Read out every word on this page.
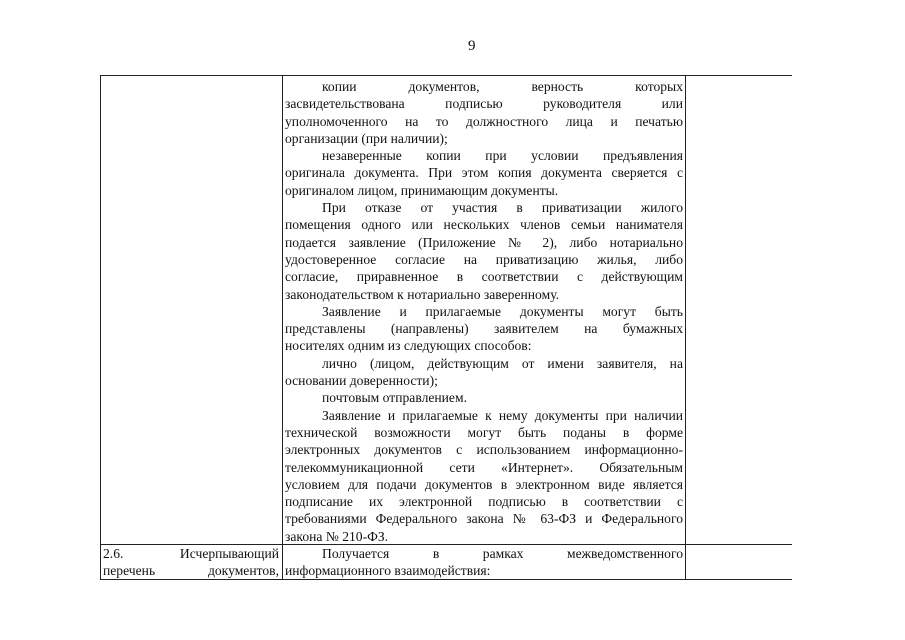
9
копии документов, верность которых
засвидетельствована подписью руководителя или
уполномоченного на то должностного лица и печатью
организации (при наличии);
незаверенные копии при условии предъявления
оригинала документа. При этом копия документа сверяется с
оригиналом лицом, принимающим документы.
При отказе от участия в приватизации жилого
помещения одного или нескольких членов семьи нанимателя
подается заявление (Приложение № 2), либо нотариально
удостоверенное согласие на приватизацию жилья, либо
согласие, приравненное в соответствии с действующим
законодательством к нотариально заверенному.
Заявление и прилагаемые документы могут быть
представлены (направлены) заявителем на бумажных
носителях одним из следующих способов:
лично (лицом, действующим от имени заявителя, на
основании доверенности);
почтовым отправлением.
Заявление и прилагаемые к нему документы при наличии
технической возможности могут быть поданы в форме
электронных документов с использованием информационно-
телекоммуникационной сети «Интернет». Обязательным
условием для подачи документов в электронном виде является
подписание их электронной подписью в соответствии с
требованиями Федерального закона № 63-ФЗ и Федерального
закона № 210-ФЗ.
2.6. Исчерпывающий
перечень документов,
Получается в рамках межведомственного
информационного взаимодействия:
